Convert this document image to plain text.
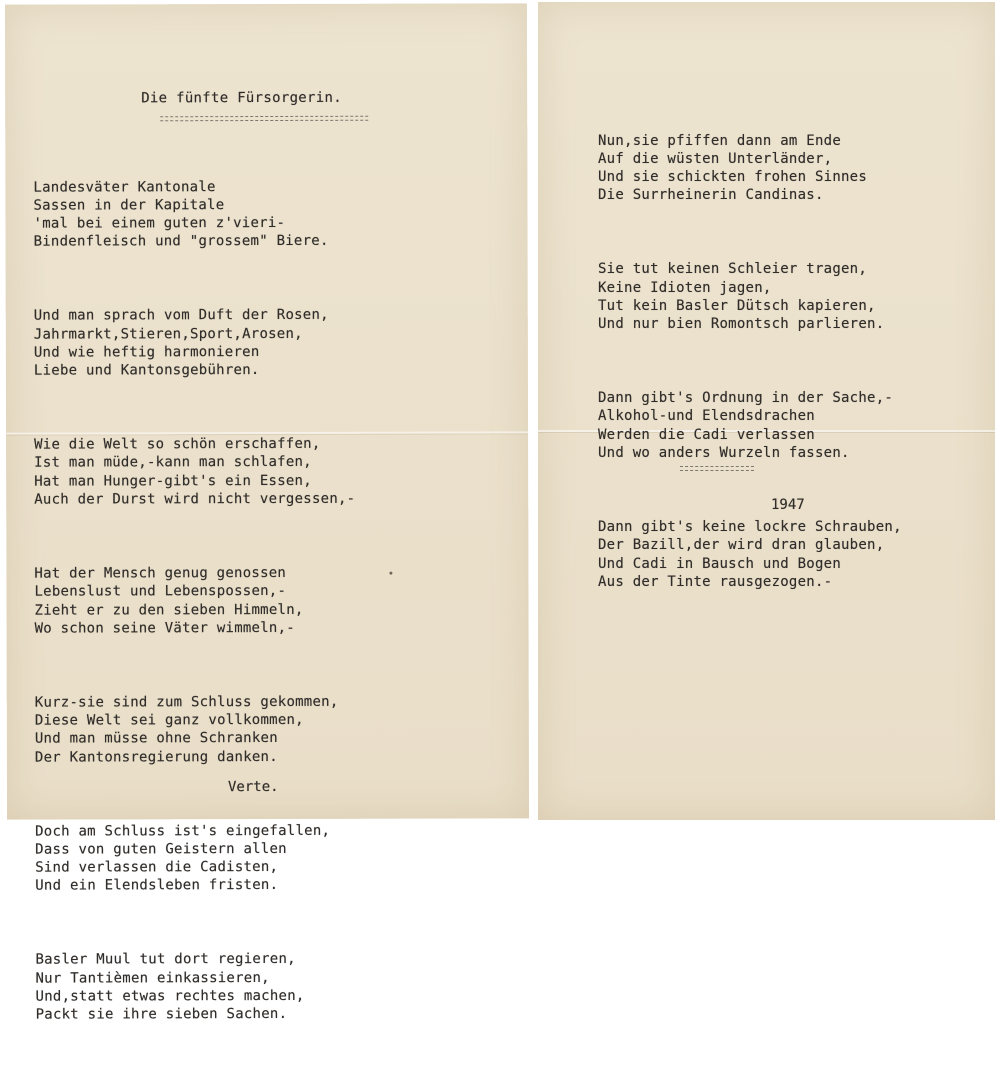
Die fünfte Fürsorgerin.

Landesväter Kantonale
Sassen in der Kapitale
'mal bei einem guten z'vieri-
Bindenfleisch und "grossem" Biere.

Und man sprach vom Duft der Rosen,
Jahrmarkt,Stieren,Sport,Arosen,
Und wie heftig harmonieren
Liebe und Kantonsgebühren.

Wie die Welt so schön erschaffen,
Ist man müde,-kann man schlafen,
Hat man Hunger-gibt's ein Essen,
Auch der Durst wird nicht vergessen,-

Hat der Mensch genug genossen
Lebenslust und Lebenspossen,-
Zieht er zu den sieben Himmeln,
Wo schon seine Väter wimmeln,-

Kurz-sie sind zum Schluss gekommen,
Diese Welt sei ganz vollkommen,
Und man müsse ohne Schranken
Der Kantonsregierung danken.

Doch am Schluss ist's eingefallen,
Dass von guten Geistern allen
Sind verlassen die Cadisten,
Und ein Elendsleben fristen.

Basler Muul tut dort regieren,
Nur Tantièmen einkassieren,
Und,statt etwas rechtes machen,
Packt sie ihre sieben Sachen.

Verte.

Nun,sie pfiffen dann am Ende
Auf die wüsten Unterländer,
Und sie schickten frohen Sinnes
Die Surrheinerin Candinas.

Sie tut keinen Schleier tragen,
Keine Idioten jagen,
Tut kein Basler Dütsch kapieren,
Und nur bien Romontsch parlieren.

Dann gibt's Ordnung in der Sache,-
Alkohol-und Elendsdrachen
Werden die Cadi verlassen
Und wo anders Wurzeln fassen.

Dann gibt's keine lockre Schrauben,
Der Bazill,der wird dran glauben,
Und Cadi in Bausch und Bogen
Aus der Tinte rausgezogen.-

1947
